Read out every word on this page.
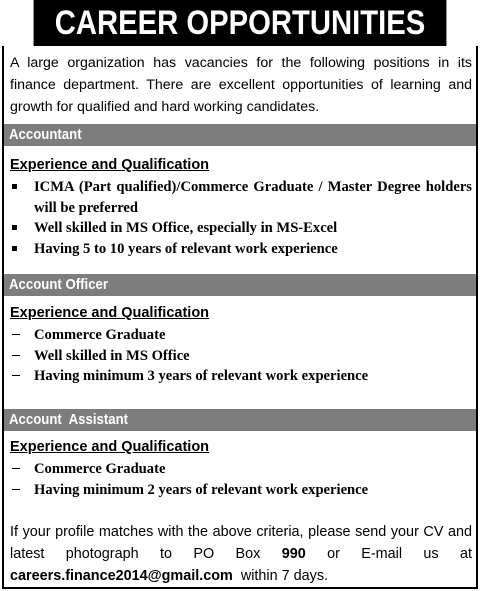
CAREER OPPORTUNITIES

A large organization has vacancies for the following positions in its finance department. There are excellent opportunities of learning and growth for qualified and hard working candidates.

Accountant
Experience and Qualification
ICMA (Part qualified)/Commerce Graduate / Master Degree holders will be preferred
Well skilled in MS Office, especially in MS-Excel
Having 5 to 10 years of relevant work experience
Account Officer
Experience and Qualification
Commerce Graduate
Well skilled in MS Office
Having minimum 3 years of relevant work experience
Account  Assistant
Experience and Qualification
Commerce Graduate
Having minimum 2 years of relevant work experience

If your profile matches with the above criteria, please send your CV and latest photograph to PO Box 990 or E-mail us at careers.finance2014@gmail.com  within 7 days.
